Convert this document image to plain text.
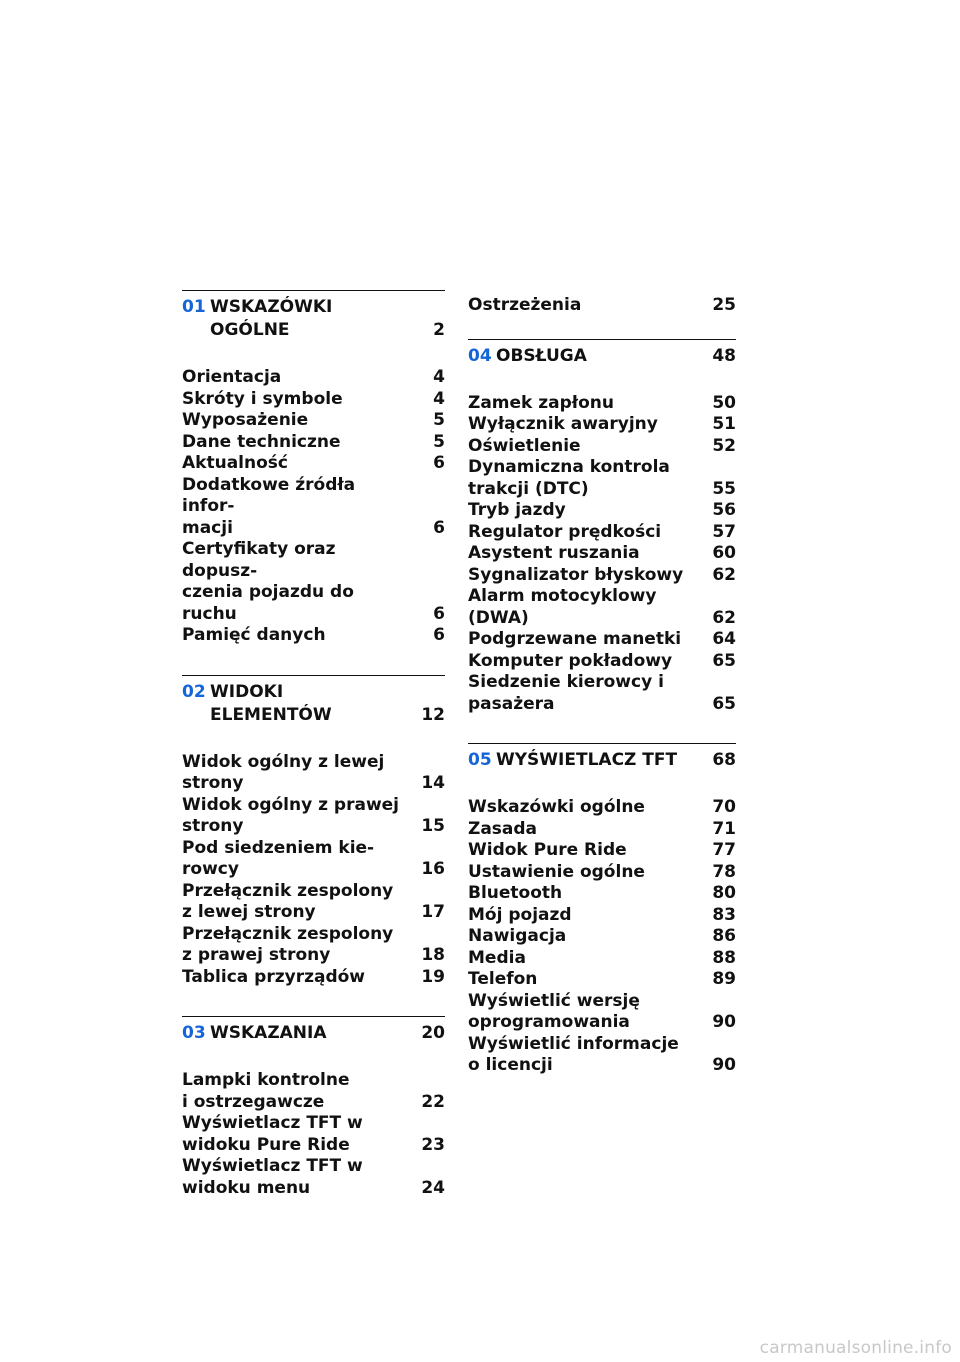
01 WSKAZÓWKI
OGÓLNE	2
Orientacja	4
Skróty i symbole	4
Wyposażenie	5
Dane techniczne	5
Aktualność	6
Dodatkowe źródła infor-
macji	6
Certyfikaty oraz dopusz-
czenia pojazdu do ruchu	6
Pamięć danych	6
02 WIDOKI
ELEMENTÓW	12
Widok ogólny z lewej
strony	14
Widok ogólny z prawej
strony	15
Pod siedzeniem kie-
rowcy	16
Przełącznik zespolony
z lewej strony	17
Przełącznik zespolony
z prawej strony	18
Tablica przyrządów	19
03 WSKAZANIA	20
Lampki kontrolne
i ostrzegawcze	22
Wyświetlacz TFT w
widoku Pure Ride	23
Wyświetlacz TFT w
widoku menu	24
Ostrzeżenia	25
04 OBSŁUGA	48
Zamek zapłonu	50
Wyłącznik awaryjny	51
Oświetlenie	52
Dynamiczna kontrola
trakcji (DTC)	55
Tryb jazdy	56
Regulator prędkości	57
Asystent ruszania	60
Sygnalizator błyskowy	62
Alarm motocyklowy
(DWA)	62
Podgrzewane manetki	64
Komputer pokładowy	65
Siedzenie kierowcy i
pasażera	65
05 WYŚWIETLACZ TFT	68
Wskazówki ogólne	70
Zasada	71
Widok Pure Ride	77
Ustawienie ogólne	78
Bluetooth	80
Mój pojazd	83
Nawigacja	86
Media	88
Telefon	89
Wyświetlić wersję
oprogramowania	90
Wyświetlić informacje
o licencji	90
carmanualsonline.info
